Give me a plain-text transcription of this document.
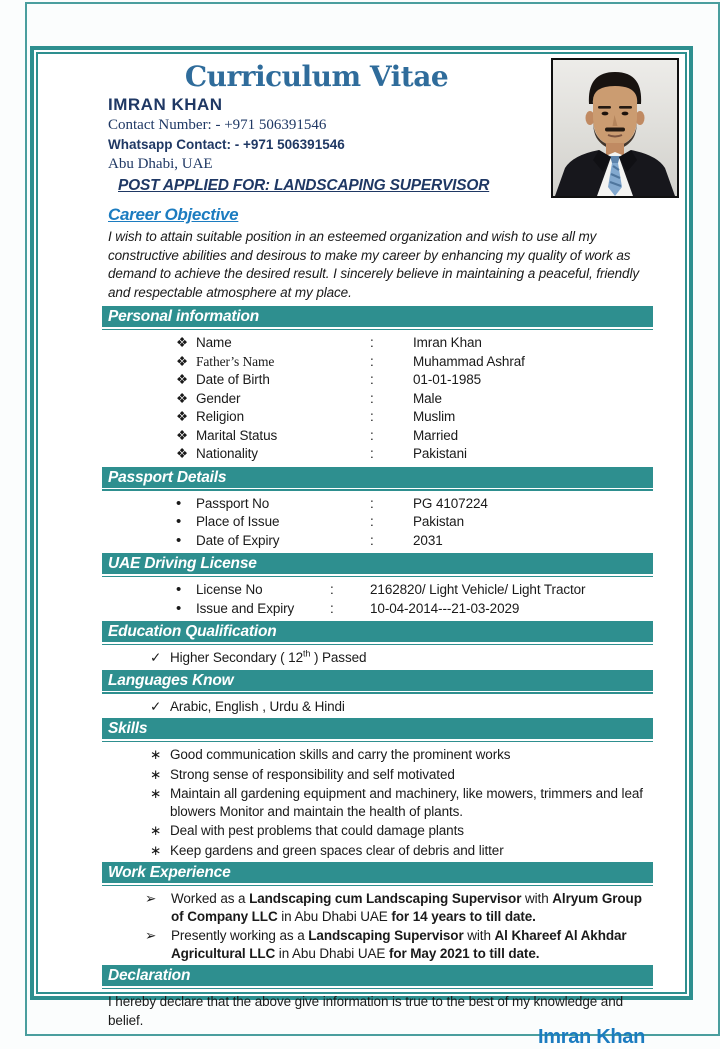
Curriculum Vitae
IMRAN KHAN
Contact Number: - +971 506391546
Whatsapp Contact: - +971 506391546
Abu Dhabi, UAE
POST APPLIED FOR: LANDSCAPING SUPERVISOR
Career Objective
I wish to attain suitable position in an esteemed organization and wish to use all my constructive abilities and desirous to make my career by enhancing my quality of work as demand to achieve the desired result. I sincerely believe in maintaining a peaceful, friendly and respectable atmosphere at my place.
Personal information
❖ Name	:	Imran Khan
❖ Father’s Name	:	Muhammad Ashraf
❖ Date of Birth	:	01-01-1985
❖ Gender	:	Male
❖ Religion	:	Muslim
❖ Marital Status	:	Married
❖ Nationality	:	Pakistani
Passport Details
•	Passport No	:	PG 4107224
•	Place of Issue	:	Pakistan
•	Date of Expiry	:	2031
UAE Driving License
•	License No	:	2162820/ Light Vehicle/ Light Tractor
•	Issue and Expiry	:	10-04-2014---21-03-2029
Education Qualification
✓ Higher Secondary ( 12th ) Passed
Languages Know
✓ Arabic, English , Urdu & Hindi
Skills
∗ Good communication skills and carry the prominent works
∗ Strong sense of responsibility and self motivated
∗ Maintain all gardening equipment and machinery, like mowers, trimmers and leaf blowers Monitor and maintain the health of plants.
∗ Deal with pest problems that could damage plants
∗ Keep gardens and green spaces clear of debris and litter
Work Experience
➢	Worked as a Landscaping cum Landscaping Supervisor with Alryum Group of Company LLC in Abu Dhabi UAE for 14 years to till date.
➢	Presently working as a Landscaping Supervisor with Al Khareef Al Akhdar Agricultural LLC in Abu Dhabi UAE for May 2021 to till date.
Declaration
I hereby declare that the above give information is true to the best of my knowledge and belief.
Imran Khan
